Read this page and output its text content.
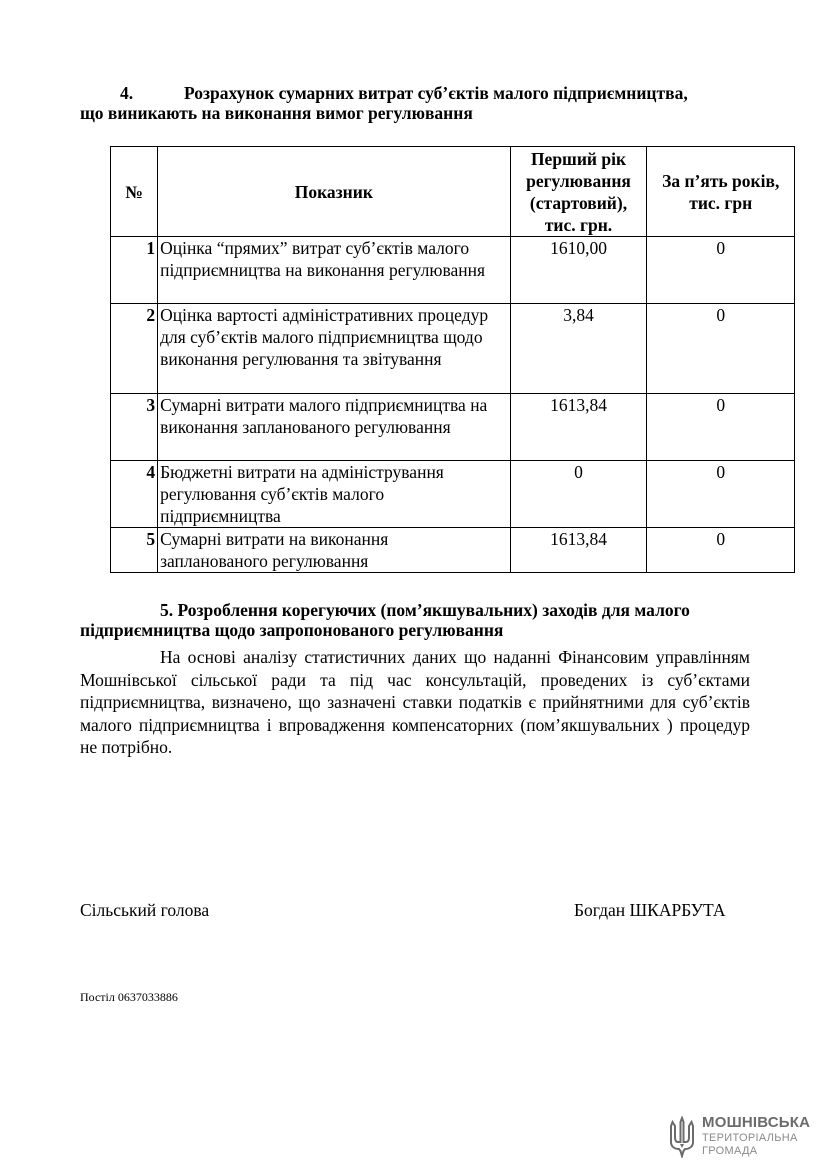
4.	Розрахунок сумарних витрат суб’єктів малого підприємництва,
що виникають на виконання вимог регулювання
№	Показник	Перший рік регулювання (стартовий), тис. грн.	За п’ять років, тис. грн
1	Оцінка “прямих” витрат суб’єктів малого підприємництва на виконання регулювання	1610,00	0
2	Оцінка вартості адміністративних процедур для суб’єктів малого підприємництва щодо виконання регулювання та звітування	3,84	0
3	Сумарні витрати малого підприємництва на виконання запланованого регулювання	1613,84	0
4	Бюджетні витрати на адміністрування регулювання суб’єктів малого підприємництва	0	0
5	Сумарні витрати на виконання запланованого регулювання	1613,84	0
5. Розроблення корегуючих (пом’якшувальних) заходів для малого
підприємництва щодо запропонованого регулювання
На основі аналізу статистичних даних що наданні Фінансовим управлінням Мошнівської сільської ради та під час консультацій, проведених із суб’єктами підприємництва, визначено, що зазначені ставки податків є прийнятними для суб’єктів малого підприємництва і впровадження компенсаторних (пом’якшувальних ) процедур не потрібно.
Сільський голова	Богдан ШКАРБУТА
Постіл 0637033886
МОШНІВСЬКА
ТЕРИТОРІАЛЬНА
ГРОМАДА
